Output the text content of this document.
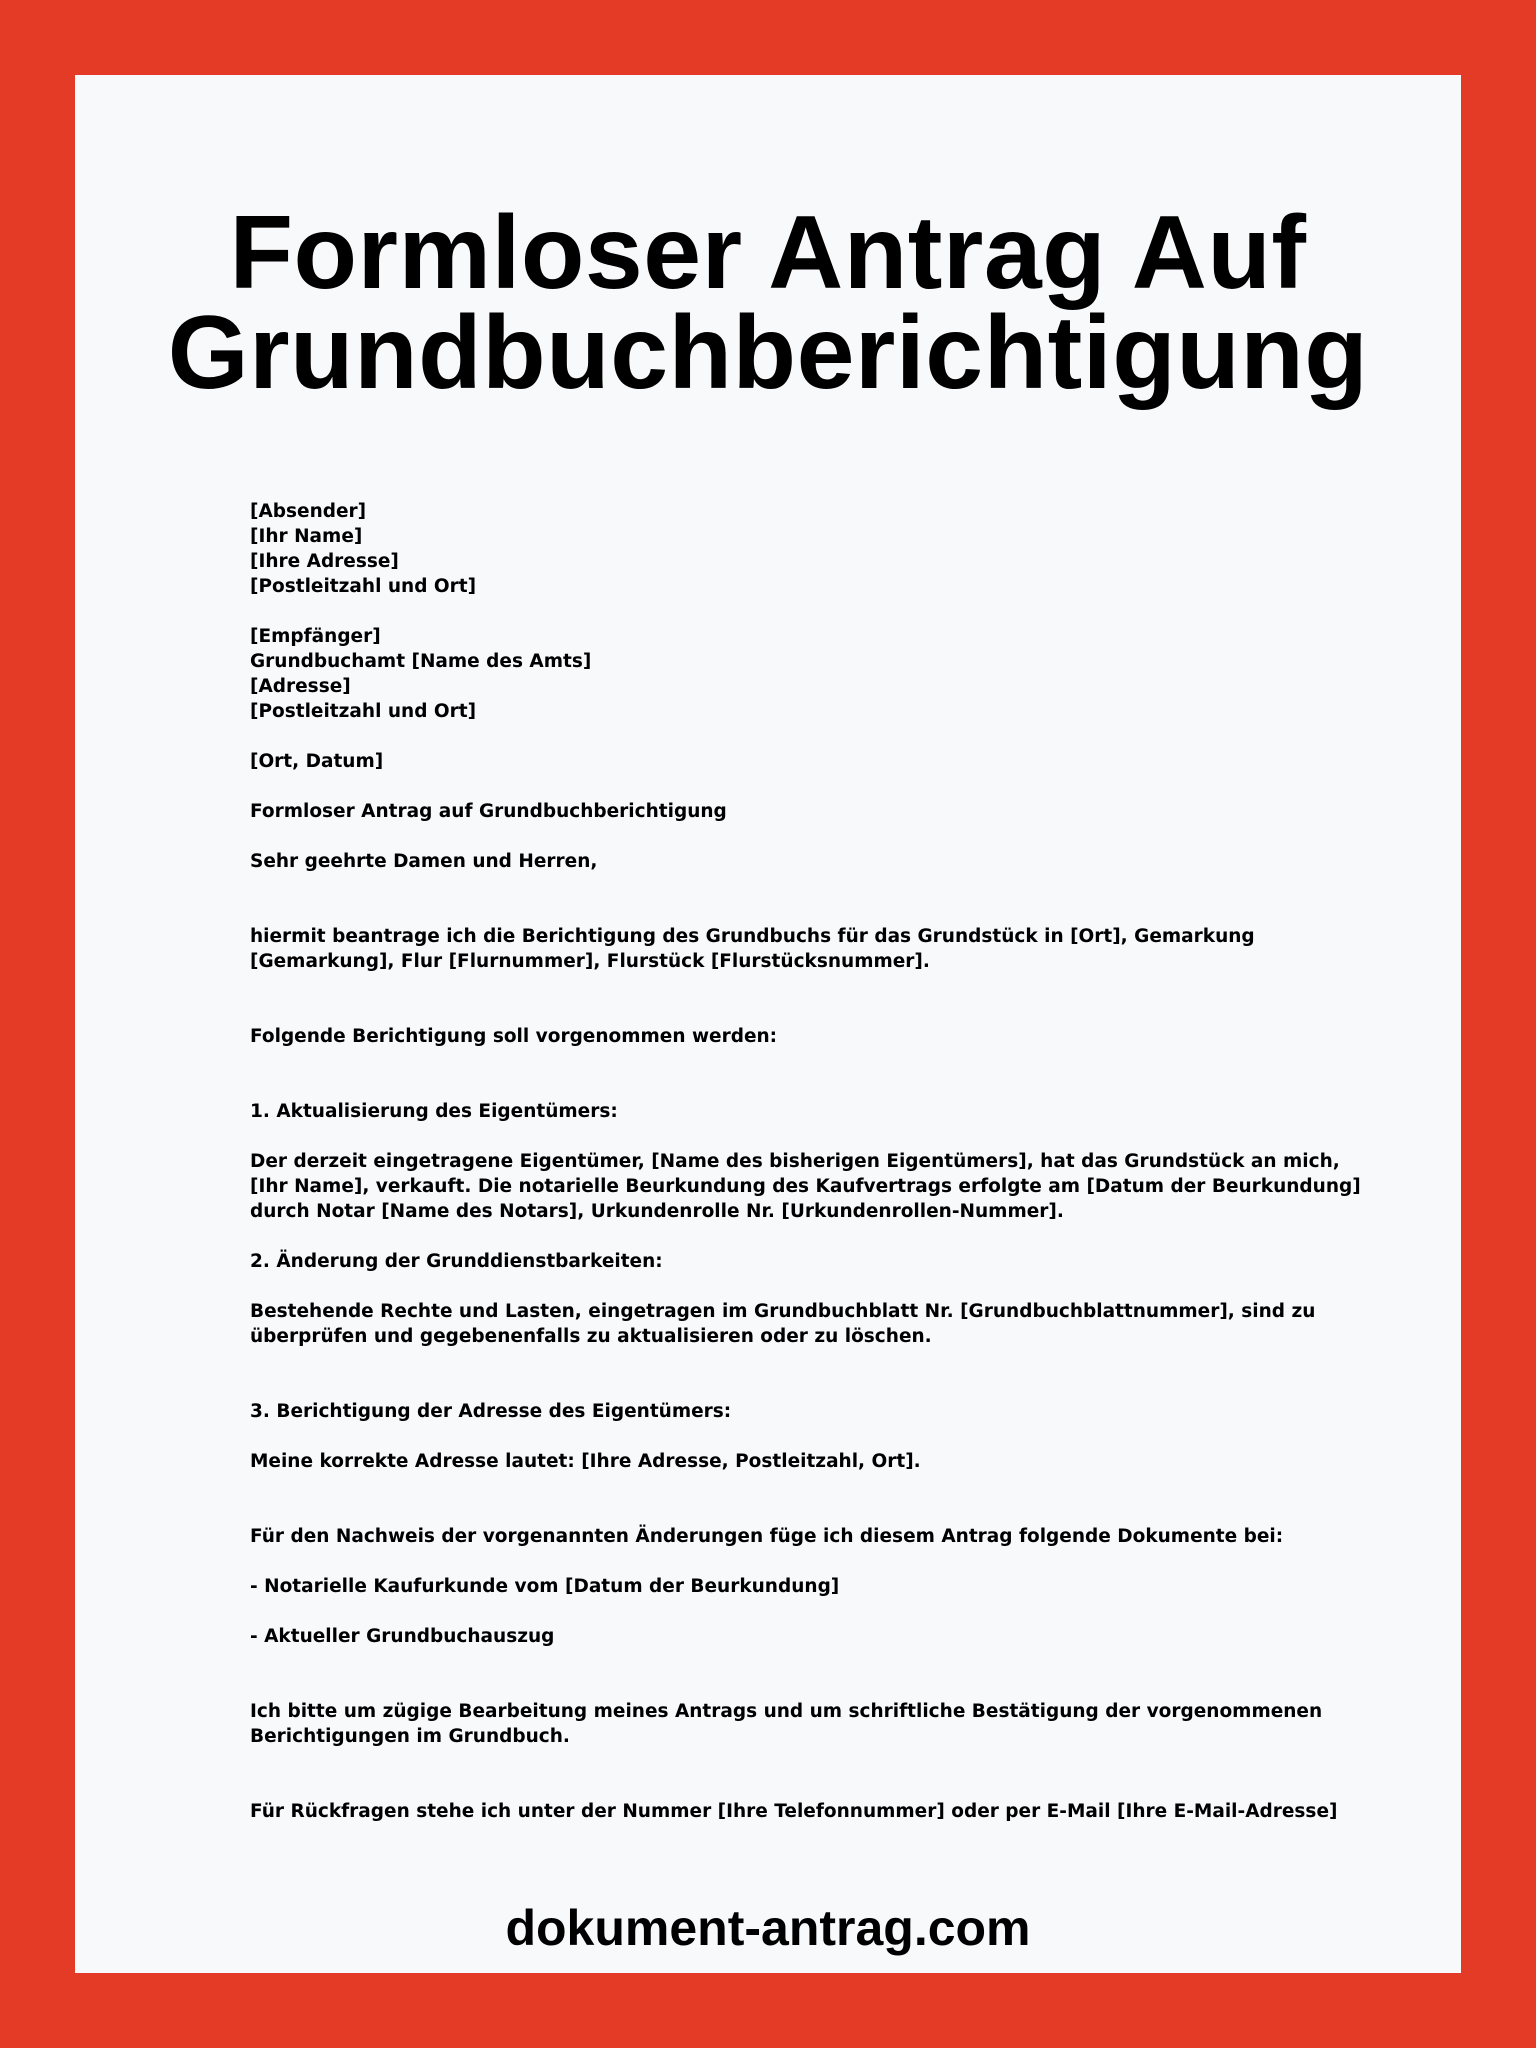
Formloser Antrag Auf
Grundbuchberichtigung
[Absender]
[Ihr Name]
[Ihre Adresse]
[Postleitzahl und Ort]
[Empfänger]
Grundbuchamt [Name des Amts]
[Adresse]
[Postleitzahl und Ort]
[Ort, Datum]
Formloser Antrag auf Grundbuchberichtigung
Sehr geehrte Damen und Herren,
hiermit beantrage ich die Berichtigung des Grundbuchs für das Grundstück in [Ort], Gemarkung
[Gemarkung], Flur [Flurnummer], Flurstück [Flurstücksnummer].
Folgende Berichtigung soll vorgenommen werden:
1. Aktualisierung des Eigentümers:
Der derzeit eingetragene Eigentümer, [Name des bisherigen Eigentümers], hat das Grundstück an mich,
[Ihr Name], verkauft. Die notarielle Beurkundung des Kaufvertrags erfolgte am [Datum der Beurkundung]
durch Notar [Name des Notars], Urkundenrolle Nr. [Urkundenrollen-Nummer].
2. Änderung der Grunddienstbarkeiten:
Bestehende Rechte und Lasten, eingetragen im Grundbuchblatt Nr. [Grundbuchblattnummer], sind zu
überprüfen und gegebenenfalls zu aktualisieren oder zu löschen.
3. Berichtigung der Adresse des Eigentümers:
Meine korrekte Adresse lautet: [Ihre Adresse, Postleitzahl, Ort].
Für den Nachweis der vorgenannten Änderungen füge ich diesem Antrag folgende Dokumente bei:
- Notarielle Kaufurkunde vom [Datum der Beurkundung]
- Aktueller Grundbuchauszug
Ich bitte um zügige Bearbeitung meines Antrags und um schriftliche Bestätigung der vorgenommenen
Berichtigungen im Grundbuch.
Für Rückfragen stehe ich unter der Nummer [Ihre Telefonnummer] oder per E-Mail [Ihre E-Mail-Adresse]
dokument-antrag.com
